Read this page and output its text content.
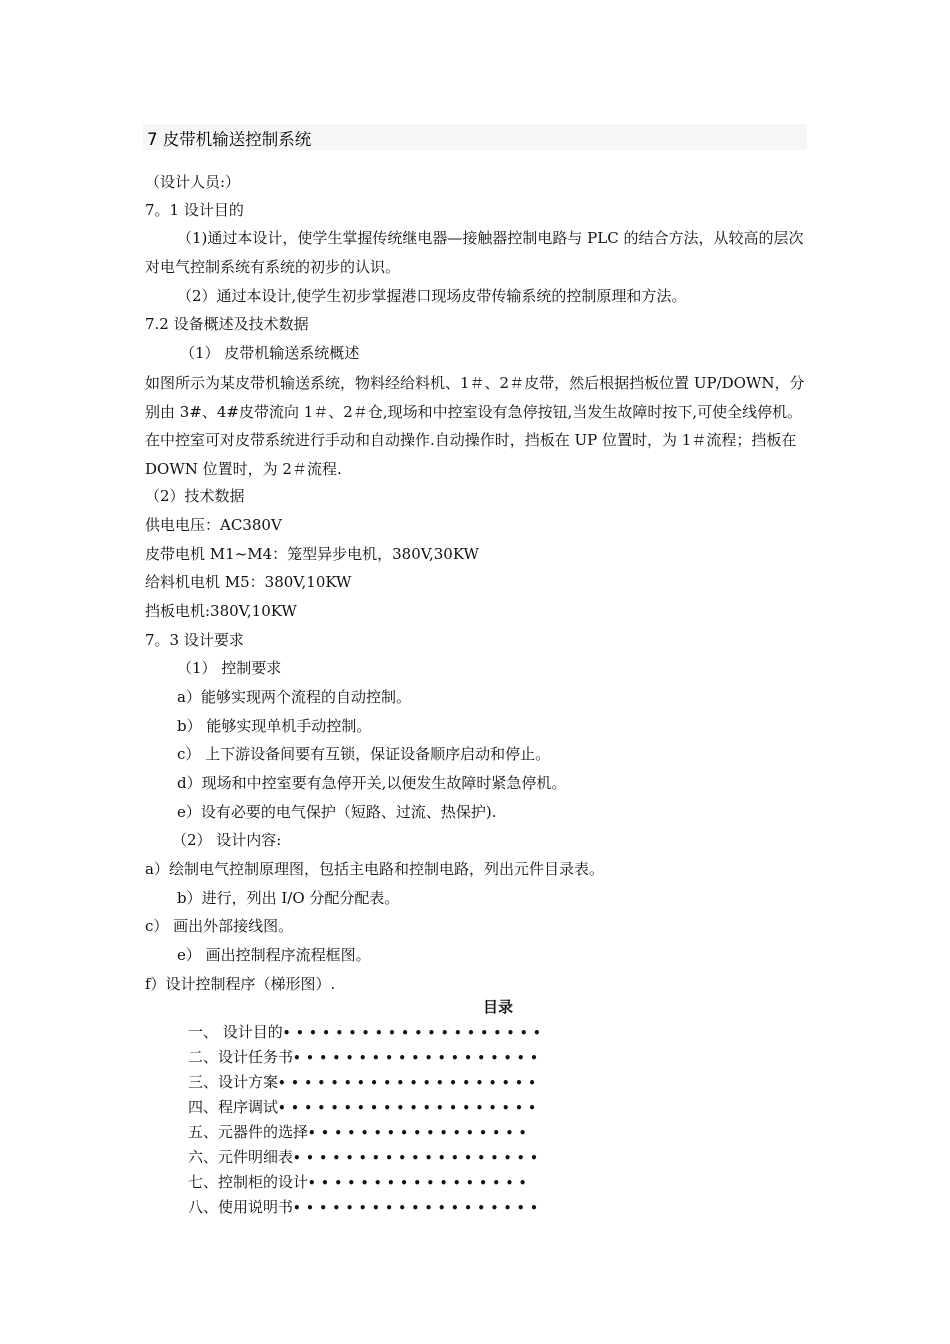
7 皮带机输送控制系统
（设计人员:）
7。1 设计目的
（1)通过本设计，使学生掌握传统继电器—接触器控制电路与 PLC 的结合方法，从较高的层次对电气控制系统有系统的初步的认识。
（2）通过本设计,使学生初步掌握港口现场皮带传输系统的控制原理和方法。
7.2 设备概述及技术数据
（1） 皮带机输送系统概述
如图所示为某皮带机输送系统，物料经给料机、1＃、2＃皮带，然后根据挡板位置 UP/DOWN，分别由 3#、4#皮带流向 1＃、2＃仓,现场和中控室设有急停按钮,当发生故障时按下,可使全线停机。在中控室可对皮带系统进行手动和自动操作.自动操作时，挡板在 UP 位置时，为 1＃流程；挡板在 DOWN 位置时，为 2＃流程.
（2）技术数据
供电电压：AC380V
皮带电机 M1~M4：笼型异步电机，380V,30KW
给料机电机 M5：380V,10KW
挡板电机:380V,10KW
7。3 设计要求
（1） 控制要求
a）能够实现两个流程的自动控制。
b） 能够实现单机手动控制。
c） 上下游设备间要有互锁，保证设备顺序启动和停止。
d）现场和中控室要有急停开关,以便发生故障时紧急停机。
e）设有必要的电气保护（短路、过流、热保护).
（2） 设计内容:
a）绘制电气控制原理图，包括主电路和控制电路，列出元件目录表。
b）进行，列出 I/O 分配分配表。
c） 画出外部接线图。
e） 画出控制程序流程框图。
f）设计控制程序（梯形图）.
目录
一、 设计目的••••••••••••••••••••
二、设计任务书•••••••••••••••••••
三、设计方案••••••••••••••••••••
四、程序调试••••••••••••••••••••
五、元器件的选择•••••••••••••••••
六、元件明细表•••••••••••••••••••
七、控制柜的设计•••••••••••••••••
八、使用说明书•••••••••••••••••••
